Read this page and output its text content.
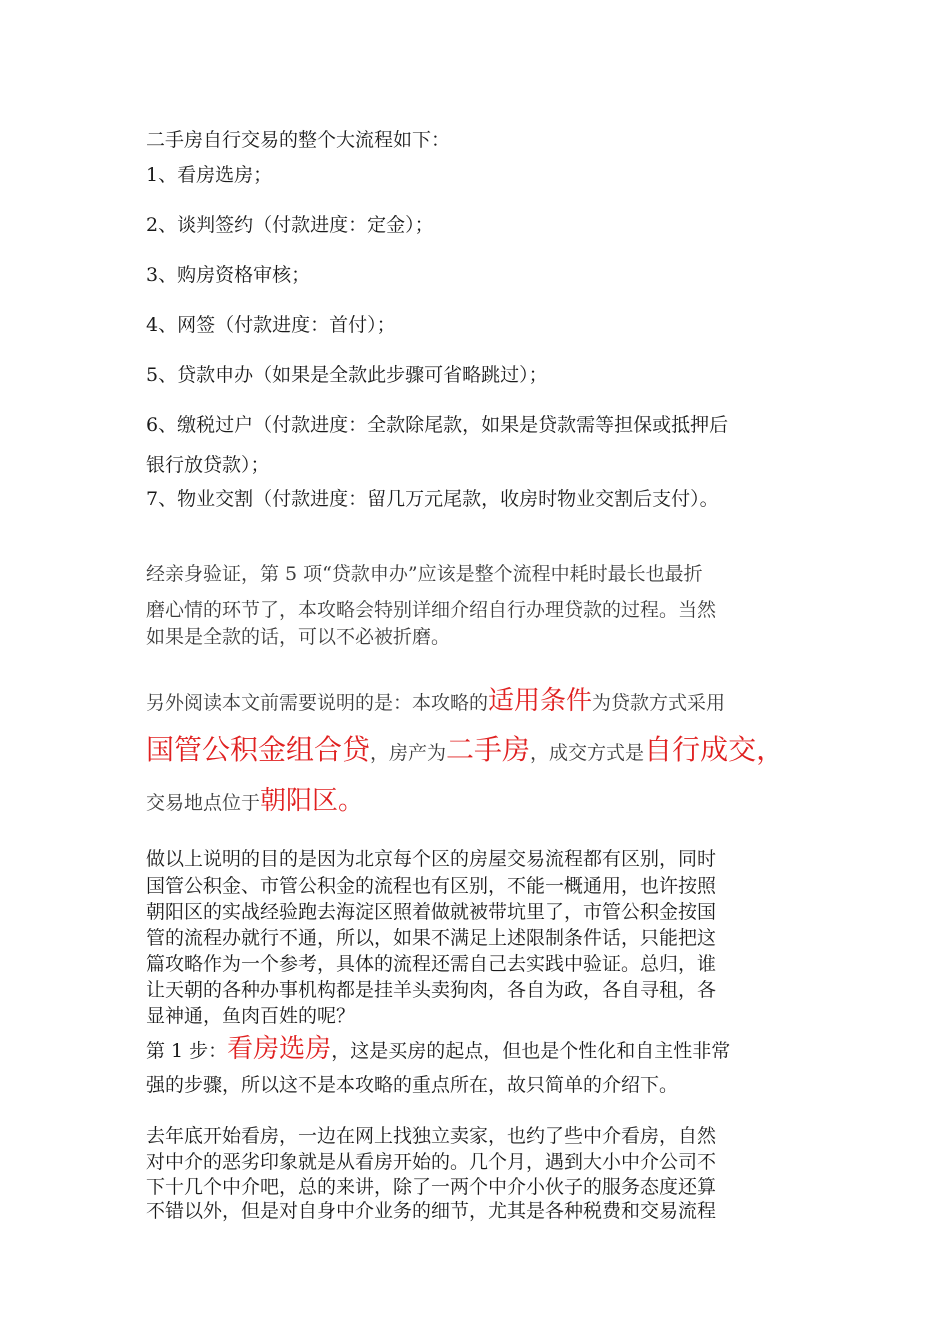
二手房自行交易的整个大流程如下：
1、看房选房；
2、谈判签约（付款进度：定金）；
3、购房资格审核；
4、网签（付款进度：首付）；
5、贷款申办（如果是全款此步骤可省略跳过）；
6、缴税过户（付款进度：全款除尾款，如果是贷款需等担保或抵押后
银行放贷款）；
7、物业交割（付款进度：留几万元尾款，收房时物业交割后支付）。
经亲身验证，第 5 项“贷款申办”应该是整个流程中耗时最长也最折
磨心情的环节了，本攻略会特别详细介绍自行办理贷款的过程。当然
如果是全款的话，可以不必被折磨。
另外阅读本文前需要说明的是：本攻略的适用条件为贷款方式采用
国管公积金组合贷，房产为二手房，成交方式是自行成交，
交易地点位于朝阳区。
做以上说明的目的是因为北京每个区的房屋交易流程都有区别，同时
国管公积金、市管公积金的流程也有区别，不能一概通用，也许按照
朝阳区的实战经验跑去海淀区照着做就被带坑里了，市管公积金按国
管的流程办就行不通，所以，如果不满足上述限制条件话，只能把这
篇攻略作为一个参考，具体的流程还需自己去实践中验证。总归，谁
让天朝的各种办事机构都是挂羊头卖狗肉，各自为政，各自寻租，各
显神通，鱼肉百姓的呢？
第 1 步：看房选房，这是买房的起点，但也是个性化和自主性非常
强的步骤，所以这不是本攻略的重点所在，故只简单的介绍下。
去年底开始看房，一边在网上找独立卖家，也约了些中介看房，自然
对中介的恶劣印象就是从看房开始的。几个月，遇到大小中介公司不
下十几个中介吧，总的来讲，除了一两个中介小伙子的服务态度还算
不错以外，但是对自身中介业务的细节，尤其是各种税费和交易流程
